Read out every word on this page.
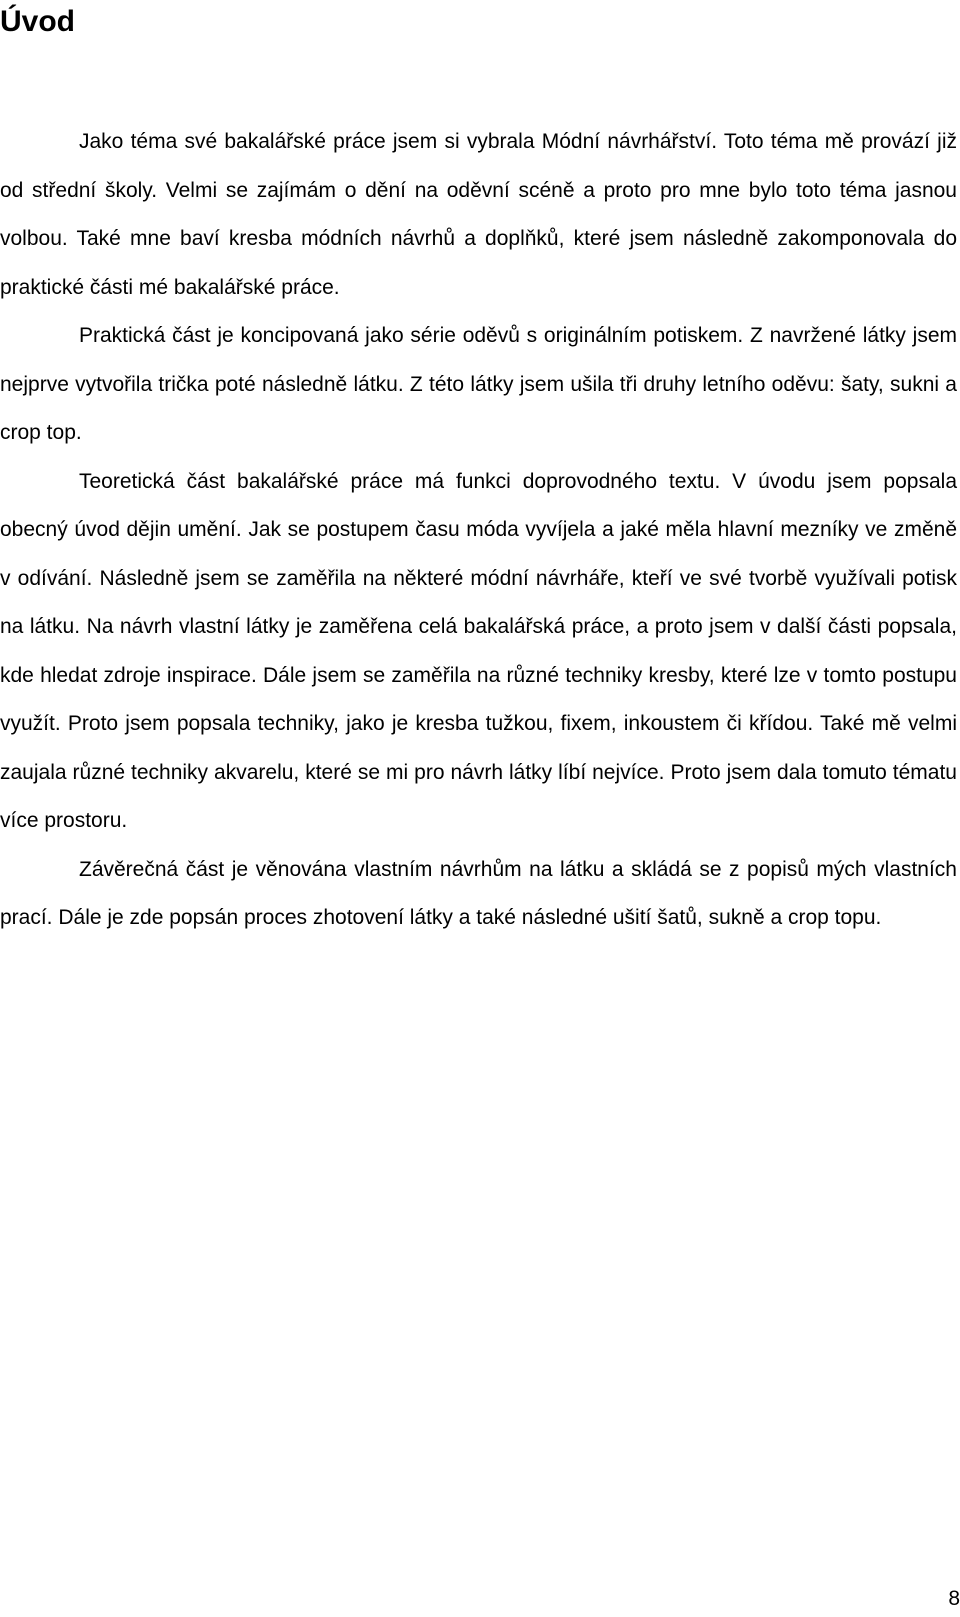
Úvod

Jako téma své bakalářské práce jsem si vybrala Módní návrhářství. Toto téma mě provází již od střední školy. Velmi se zajímám o dění na oděvní scéně a proto pro mne bylo toto téma jasnou volbou. Také mne baví kresba módních návrhů a doplňků, které jsem následně zakomponovala do praktické části mé bakalářské práce.

Praktická část je koncipovaná jako série oděvů s originálním potiskem. Z navržené látky jsem nejprve vytvořila trička poté následně látku. Z této látky jsem ušila tři druhy letního oděvu: šaty, sukni a crop top.

Teoretická část bakalářské práce má funkci doprovodného textu. V úvodu jsem popsala obecný úvod dějin umění. Jak se postupem času móda vyvíjela a jaké měla hlavní mezníky ve změně v odívání. Následně jsem se zaměřila na některé módní návrháře, kteří ve své tvorbě využívali potisk na látku. Na návrh vlastní látky je zaměřena celá bakalářská práce, a proto jsem v další části popsala, kde hledat zdroje inspirace. Dále jsem se zaměřila na různé techniky kresby, které lze v tomto postupu využít. Proto jsem popsala techniky, jako je kresba tužkou, fixem, inkoustem či křídou. Také mě velmi zaujala různé techniky akvarelu, které se mi pro návrh látky líbí nejvíce. Proto jsem dala tomuto tématu více prostoru.

Závěrečná část je věnována vlastním návrhům na látku a skládá se z popisů mých vlastních prací. Dále je zde popsán proces zhotovení látky a také následné ušití šatů, sukně a crop topu.

8
